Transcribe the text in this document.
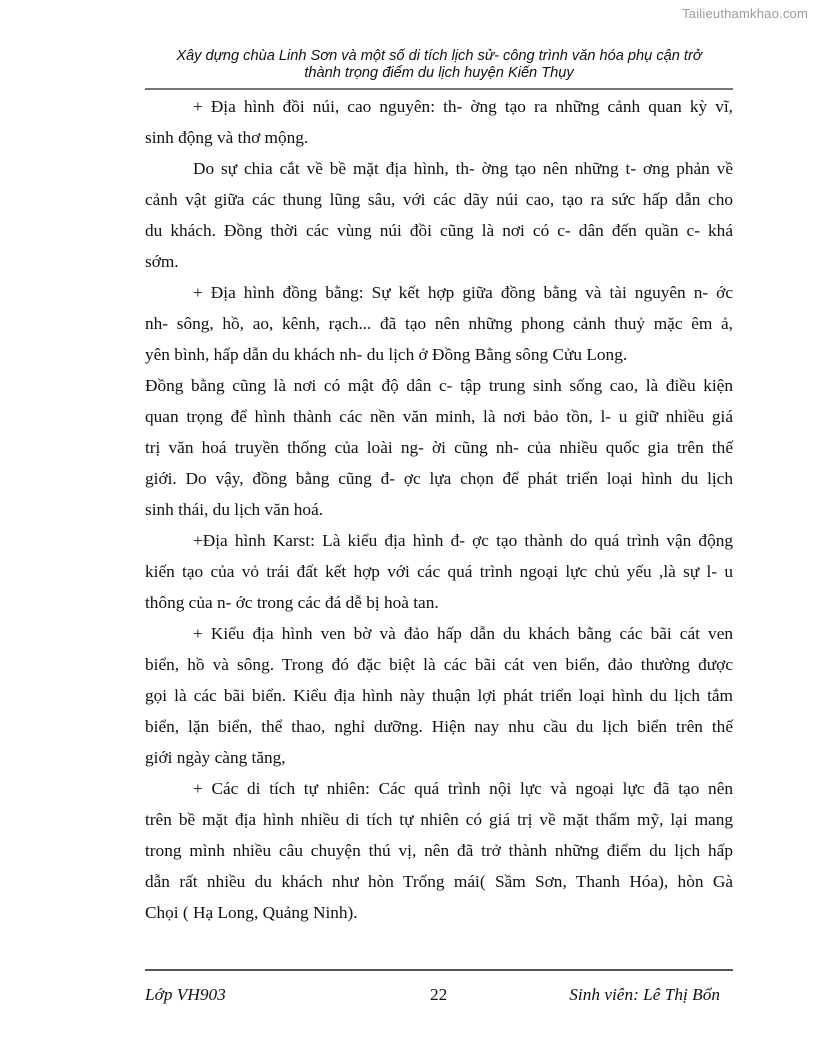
Tailieuthamkhao.com
Xây dựng chùa Linh Sơn và một số di tích lịch sử- công trình văn hóa phụ cận trở
thành trọng điểm du lịch huyện Kiến Thụy
+ Địa hình đồi núi, cao nguyên: th- ờng tạo ra những cảnh quan kỳ vĩ,
sinh động và thơ mộng.
Do sự chia cắt về bề mặt địa hình, th- ờng tạo nên những t- ơng phản về
cảnh vật giữa các thung lũng sâu, với các dãy núi cao, tạo ra sức hấp dẫn cho
du khách. Đồng thời các vùng núi đồi cũng là nơi có c- dân đến quần c- khá
sớm.
+ Địa hình đồng bằng: Sự kết hợp giữa đồng bằng và tài nguyên n- ớc
nh- sông, hồ, ao, kênh, rạch... đã tạo nên những phong cảnh thuỷ mặc êm ả,
yên bình, hấp dẫn du khách nh- du lịch ở Đồng Bằng sông Cửu Long.
Đồng bằng cũng là nơi có mật độ dân c- tập trung sinh sống cao, là điều kiện
quan trọng để hình thành các nền văn minh, là nơi bảo tồn, l- u giữ nhiều giá
trị văn hoá truyền thống của loài ng- ời cũng nh- của nhiều quốc gia trên thế
giới. Do vậy, đồng bằng cũng đ- ợc lựa chọn để phát triển loại hình du lịch
sinh thái, du lịch văn hoá.
+Địa hình Karst: Là kiểu địa hình đ- ợc tạo thành do quá trình vận động
kiến tạo của vỏ trái đất kết hợp với các quá trình ngoại lực chủ yếu ,là sự l- u
thông của n- ớc trong các đá dễ bị hoà tan.
+ Kiểu địa hình ven bờ và đảo hấp dẫn du khách bằng các bãi cát ven
biển, hồ và sông. Trong đó đặc biệt là các bãi cát ven biển, đảo thường được
gọi là các bãi biển. Kiểu địa hình này thuận lợi phát triển loại hình du lịch tắm
biển, lặn biển, thể thao, nghỉ dưỡng. Hiện nay nhu cầu du lịch biển trên thế
giới ngày càng tăng,
+ Các di tích tự nhiên: Các quá trình nội lực và ngoại lực đã tạo nên
trên bề mặt địa hình nhiều di tích tự nhiên có giá trị về mặt thẩm mỹ, lại mang
trong mình nhiều câu chuyện thú vị, nên đã trở thành những điểm du lịch hấp
dẫn rất nhiều du khách như hòn Trống mái( Sầm Sơn, Thanh Hóa), hòn Gà
Chọi ( Hạ Long, Quảng Ninh).
Lớp VH903	22	Sinh viên: Lê Thị Bổn
